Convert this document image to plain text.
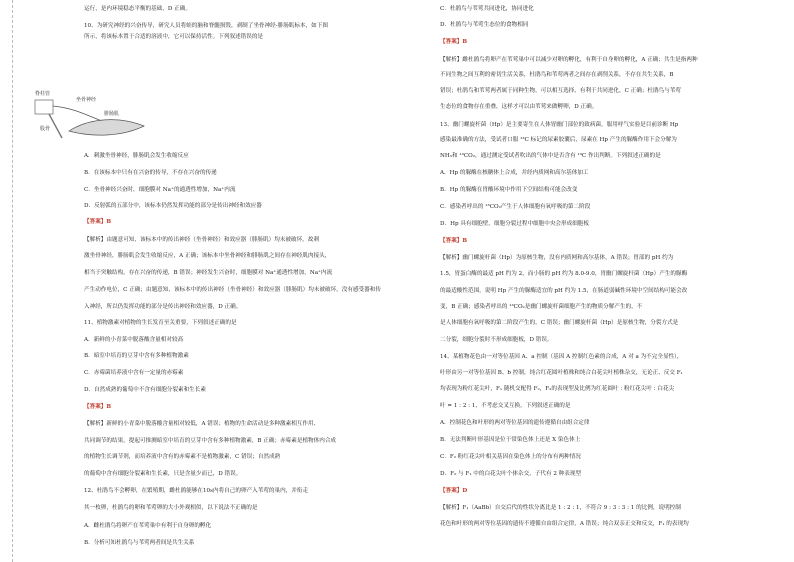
运行，是内环境稳态平衡的基础，D 正确。
10、为研究神经的兴奋传导，研究人员将蛙的脑和脊髓损毁，剥制了坐骨神经-腓肠肌标本，如下图
所示，将该标本置于合适的溶液中，它可以保持活性。下列叙述错误的是
A．刺激坐骨神经，腓肠肌会发生收缩反应
B．在该标本中只有在兴奋的传导，不存在兴奋的传递
C．坐骨神经兴奋时，细胞膜对 Na⁺的通透性增加，Na⁺内流
D．反射弧的五部分中，该标本仍然发挥功能的部分是传出神经和效应器
【答案】B
【解析】由题意可知，该标本中的传出神经（坐骨神经）和效应器（腓肠肌）均未被破坏，故刺
激坐骨神经，腓肠肌会发生收缩反应，A 正确；该标本中坐骨神经和腓肠肌之间存在神经肌肉接头，
相当于突触结构，存在兴奋的传递，B 错误；神经发生兴奋时，细胞膜对 Na⁺通透性增加，Na⁺内流
产生动作电位，C 正确；由题意知，该标本中的传出神经（坐骨神经）和效应器（腓肠肌）均未被破坏，没有感受器和传
入神经，所以仍发挥功能的部分是传出神经和效应器，D 正确。
11、植物激素对植物的生长发育至关重要，下列叙述正确的是
A．新鲜的小青菜中脱落酸含量相对较高
B．暗室中培育的豆芽中含有多种植物激素
C．赤霉菌培养液中含有一定量的赤霉素
D．自然成熟的葡萄中不含有细胞分裂素和生长素
【答案】B
【解析】新鲜的小青菜中脱落酸含量相对较低，A 错误；植物的生命活动是多种激素相互作用、
共同调节的结果，提起可推测暗室中培育的豆芽中含有多种植物激素，B 正确；赤霉素是植物体内合成
的植物生长调节剂，而培养液中含有的赤霉素不是植物激素，C 错误；自然成熟
的葡萄中含有细胞分裂素和生长素，只是含量少而已，D 错误。
12、杜鹃鸟不会孵卵，在繁殖期，雌杜鹃能够在10s内将自己的卵产入苇莺的巢内，并衔走
其一枚卵，杜鹃鸟的卵和苇莺卵的大小外观相似，以下说法不正确的是
A．雌杜鹃鸟将卵产在苇莺巢中有利于自身卵的孵化
B．分析可知杜鹃鸟与苇莺两者间是共生关系
脊柱管
坐骨神经
股骨
腓肠肌
C．杜鹃鸟与苇莺共同进化，协同进化
D．杜鹃鸟与苇莺生态位的食物相同
【答案】B
【解析】雌杜鹃鸟将卵产在苇莺巢中可以减少对卵的孵化，有利于自身卵的孵化，A 正确；共生是指两种
不同生物之间互利的密切生活关系，杜鹃鸟和苇莺两者之间存在剥削关系，不存在共生关系，B
错误；杜鹃鸟和苇莺两者属于同种生物，可以相互选择，有利于共同进化，C 正确；杜鹃鸟与苇莺
生态位的食物存在重叠，这样才可以由苇莺来做孵卵，D 正确。
13、幽门螺旋杆菌（Hp）是主要寄生在人体胃幽门部位的致病菌。服用呼气实验是目前诊断 Hp
感染最准确的方法，受试者口服 ¹³C 标记的尿素胶囊后，尿素在 Hp 产生的脲酶作用下会分解为
NH₃和 ¹³CO₂，通过测定受试者吹出的气体中是否含有 ¹³C 作出判断。下列叙述正确的是
A．Hp 的脲酶在核糖体上合成，并经内质网和高尔基体加工
B．Hp 的脲酶在胃酸环境中作用下空间结构可能会改变
C．感染者呼出的 ¹³CO₂产生于人体细胞有氧呼吸的第二阶段
D．Hp 具有细胞壁，细胞分裂过程中细胞中央会形成细胞板
【答案】B
【解析】幽门螺旋杆菌（Hp）为原核生物，没有内质网和高尔基体，A 错误；胃部的 pH 约为
1.5，胃蛋白酶的最适 pH 约为 2，而小肠的 pH 约为 8.0-9.0，胃幽门螺旋杆菌（Hp）产生的脲酶
的最适酸性范围，说明 Hp 产生的脲酶适宜的 pH 约为 1.5，在肠道弱碱性环境中空间结构可能会改
变，B 正确；感染者呼出的 ¹³CO₂是幽门螺旋杆菌细胞产生的物质分解产生的，不
是人体细胞有氧呼吸的第二阶段产生的，C 错误；幽门螺旋杆菌（Hp）是原核生物，分裂方式是
二分裂，细胞分裂时不形成细胞板，D 错误。
14、某植物花色由一对等位基因 A、a 控制（基因 A 控制红色素的合成，A 对 a 为不完全显性），
叶形由另一对等位基因 B、b 控制，纯合红花圆叶植株和纯合白花尖叶植株杂交，无论正、反交 F₁
均表现为粉红花尖叶，F₁ 随机交配得 F₂，F₂的表现型及比例为红花圆叶 : 粉红花尖叶 : 白花尖
叶 = 1 : 2 : 1，不考虑交叉互换，下列叙述正确的是
A．控制花色和叶形的两对等位基因的遗传遵循自由组合定律
B．无法判断叶形基因是位于常染色体上还是 X 染色体上
C．F₂ 粉红花尖叶相关基因在染色体上的分布有两种情况
D．F₂ 与 F₁ 中的白花尖叶个体杂交，子代有 2 种表现型
【答案】D
【解析】F₁（AaBb）自交后代的性状分离比是 1 : 2 : 1，不符合 9 : 3 : 3 : 1 的比例，说明控制
花色和叶形的两对等位基因的遗传不遵循自由组合定律，A 错误；纯合双亲正交和反交，F₁ 的表现均
